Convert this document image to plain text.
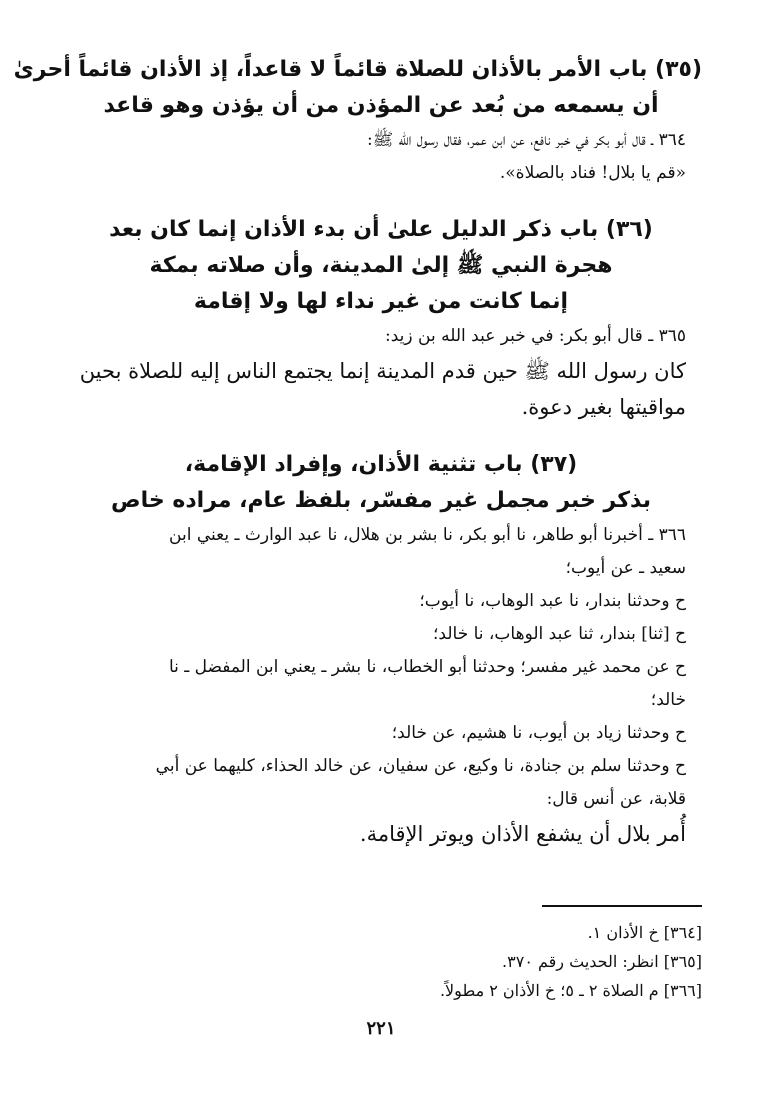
(٣٥) باب الأمر بالأذان للصلاة قائماً لا قاعداً، إذ الأذان قائماً أحرىٰ
أن يسمعه من بُعد عن المؤذن من أن يؤذن وهو قاعد
٣٦٤ ـ قال أبو بكر في خبر نافع، عن ابن عمر، فقال رسول الله ﷺ:
«قم يا بلال! فناد بالصلاة».
(٣٦) باب ذكر الدليل علىٰ أن بدء الأذان إنما كان بعد
هجرة النبي ﷺ إلىٰ المدينة، وأن صلاته بمكة
إنما كانت من غير نداء لها ولا إقامة
٣٦٥ ـ قال أبو بكر: في خبر عبد الله بن زيد:
كان رسول الله ﷺ حين قدم المدينة إنما يجتمع الناس إليه للصلاة بحين
مواقيتها بغير دعوة.
(٣٧) باب تثنية الأذان، وإفراد الإقامة،
بذكر خبر مجمل غير مفسّر، بلفظ عام، مراده خاص
٣٦٦ ـ أخبرنا أبو طاهر، نا أبو بكر، نا بشر بن هلال، نا عبد الوارث ـ يعني ابن
سعيد ـ عن أيوب؛
ح وحدثنا بندار، نا عبد الوهاب، نا أيوب؛
ح [ثنا] بندار، ثنا عبد الوهاب، نا خالد؛
ح عن محمد غير مفسر؛ وحدثنا أبو الخطاب، نا بشر ـ يعني ابن المفضل ـ نا
خالد؛
ح وحدثنا زياد بن أيوب، نا هشيم، عن خالد؛
ح وحدثنا سلم بن جنادة، نا وكيع، عن سفيان، عن خالد الحذاء، كليهما عن أبي
قلابة، عن أنس قال:
أُمر بلال أن يشفع الأذان ويوتر الإقامة.
[٣٦٤] خ الأذان ١.
[٣٦٥] انظر: الحديث رقم ٣٧٠.
[٣٦٦] م الصلاة ٢ ـ ٥؛ خ الأذان ٢ مطولاً.
٢٢١
